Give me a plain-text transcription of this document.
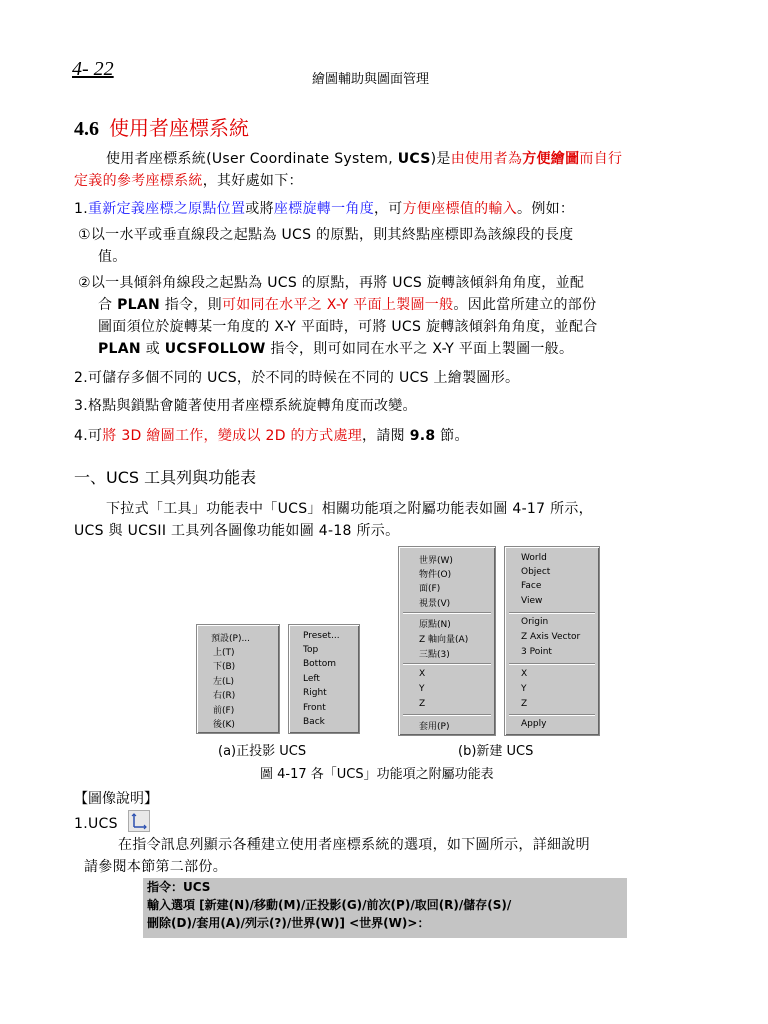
4- 22	繪圖輔助與圖面管理
4.6 使用者座標系統
使用者座標系統(User Coordinate System, UCS)是由使用者為方便繪圖而自行
定義的參考座標系統，其好處如下：
1.重新定義座標之原點位置或將座標旋轉一角度，可方便座標值的輸入。例如：
①以一水平或垂直線段之起點為 UCS 的原點，則其終點座標即為該線段的長度
值。
②以一具傾斜角線段之起點為 UCS 的原點，再將 UCS 旋轉該傾斜角角度，並配
合 PLAN 指令，則可如同在水平之 X-Y 平面上製圖一般。因此當所建立的部份
圖面須位於旋轉某一角度的 X-Y 平面時，可將 UCS 旋轉該傾斜角角度，並配合
PLAN 或 UCSFOLLOW 指令，則可如同在水平之 X-Y 平面上製圖一般。
2.可儲存多個不同的 UCS，於不同的時候在不同的 UCS 上繪製圖形。
3.格點與鎖點會隨著使用者座標系統旋轉角度而改變。
4.可將 3D 繪圖工作，變成以 2D 的方式處理，請閱 9.8 節。
一、UCS 工具列與功能表
下拉式「工具」功能表中「UCS」相關功能項之附屬功能表如圖 4-17 所示，
UCS 與 UCSII 工具列各圖像功能如圖 4-18 所示。
預設(P)...
上(T)
下(B)
左(L)
右(R)
前(F)
後(K)
Preset...
Top
Bottom
Left
Right
Front
Back
世界(W)
物件(O)
面(F)
視景(V)
原點(N)
Z 軸向量(A)
三點(3)
X
Y
Z
套用(P)
World
Object
Face
View
Origin
Z Axis Vector
3 Point
X
Y
Z
Apply
(a)正投影 UCS	(b)新建 UCS
圖 4-17 各「UCS」功能項之附屬功能表
【圖像說明】
1.UCS
在指令訊息列顯示各種建立使用者座標系統的選項，如下圖所示，詳細說明
請參閱本節第二部份。
指令：UCS
輸入選項 [新建(N)/移動(M)/正投影(G)/前次(P)/取回(R)/儲存(S)/
刪除(D)/套用(A)/列示(?)/世界(W)] <世界(W)>：
